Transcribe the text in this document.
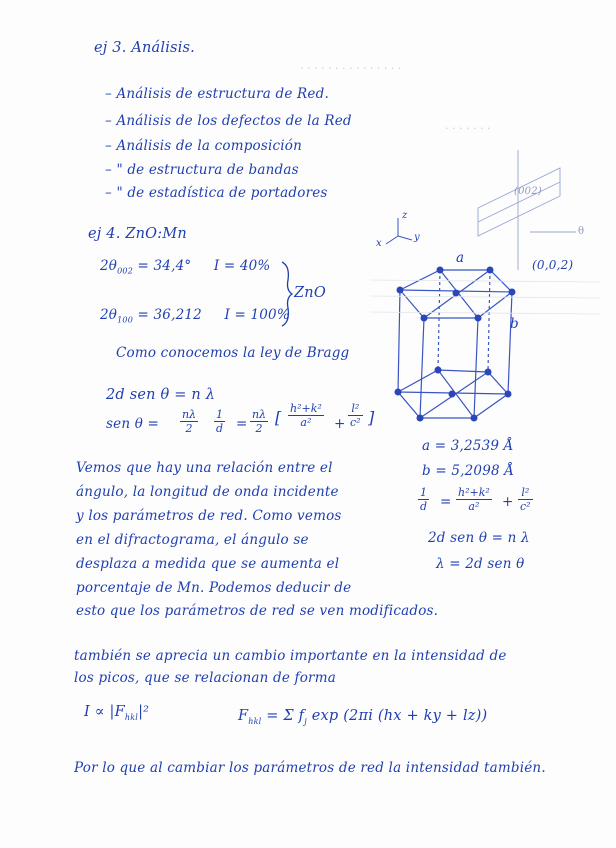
· · · · · · · · · · · · · · ·
· · · · · · ·
ej 3. Análisis.
– Análisis de estructura de Red.
– Análisis de los defectos de la Red
– Análisis de la composición
– " de estructura de bandas
– " de estadística de portadores
ej 4. ZnO:Mn
$2\theta_{002} = 34,4^\circ$ I = 40%
$2\theta_{100} = 36,212$ I = 100%
ZnO
Como conocemos la ley de Bragg
2d sen θ = n λ
sen $\theta = \frac{n\lambda}{2} \frac{1}{d} = \frac{n\lambda}{2}$ [ $\frac{\text{h²+k²}}{\text{a²}} + \frac{\text{l²}}{\text{c²}}$ ]
a = 3,2539 Å
b = 5,2098 Å
$\frac{1}{d} = \frac{\text{h²+k²}}{\text{a²}} + \frac{\text{l²}}{\text{c²}}$
2d sen θ = n λ
λ = 2d sen θ
Vemos que hay una relación entre el
ángulo, la longitud de onda incidente
y los parámetros de red. Como vemos
en el difractograma, el ángulo se
desplaza a medida que se aumenta el
porcentaje de Mn. Podemos deducir de
esto que los parámetros de red se ven modificados.
también se aprecia un cambio importante en la intensidad de
los picos, que se relacionan de forma
$I \propto |F_{hkl}|^2$	$F_{hkl} = \Sigma$ $f_j$ exp (2πi (hx + ky + lz))
Por lo que al cambiar los parámetros de red la intensidad también.
a
b
(002)
(0,0,2)
θ
x
y
z
